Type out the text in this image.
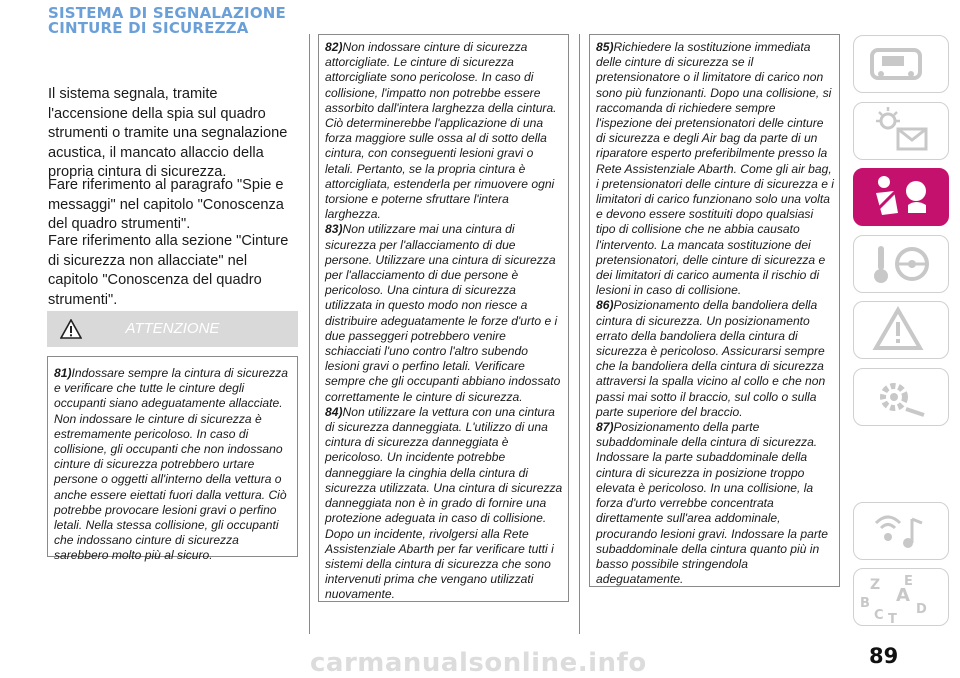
SISTEMA DI SEGNALAZIONE CINTURE DI SICUREZZA
Il sistema segnala, tramite l'accensione della spia sul quadro strumenti o tramite una segnalazione acustica, il mancato allaccio della propria cintura di sicurezza.
Fare riferimento al paragrafo "Spie e messaggi" nel capitolo "Conoscenza del quadro strumenti".
Fare riferimento alla sezione "Cinture di sicurezza non allacciate" nel capitolo "Conoscenza del quadro strumenti".
ATTENZIONE
81)Indossare sempre la cintura di sicurezza e verificare che tutte le cinture degli occupanti siano adeguatamente allacciate. Non indossare le cinture di sicurezza è estremamente pericoloso. In caso di collisione, gli occupanti che non indossano cinture di sicurezza potrebbero urtare persone o oggetti all'interno della vettura o anche essere eiettati fuori dalla vettura. Ciò potrebbe provocare lesioni gravi o perfino letali. Nella stessa collisione, gli occupanti che indossano cinture di sicurezza sarebbero molto più al sicuro.
82)Non indossare cinture di sicurezza attorcigliate. Le cinture di sicurezza attorcigliate sono pericolose. In caso di collisione, l'impatto non potrebbe essere assorbito dall'intera larghezza della cintura. Ciò determinerebbe l'applicazione di una forza maggiore sulle ossa al di sotto della cintura, con conseguenti lesioni gravi o letali. Pertanto, se la propria cintura è attorcigliata, estenderla per rimuovere ogni torsione e poterne sfruttare l'intera larghezza.
83)Non utilizzare mai una cintura di sicurezza per l'allacciamento di due persone. Utilizzare una cintura di sicurezza per l'allacciamento di due persone è pericoloso. Una cintura di sicurezza utilizzata in questo modo non riesce a distribuire adeguatamente le forze d'urto e i due passeggeri potrebbero venire schiacciati l'uno contro l'altro subendo lesioni gravi o perfino letali. Verificare sempre che gli occupanti abbiano indossato correttamente le cinture di sicurezza.
84)Non utilizzare la vettura con una cintura di sicurezza danneggiata. L'utilizzo di una cintura di sicurezza danneggiata è pericoloso. Un incidente potrebbe danneggiare la cinghia della cintura di sicurezza utilizzata. Una cintura di sicurezza danneggiata non è in grado di fornire una protezione adeguata in caso di collisione. Dopo un incidente, rivolgersi alla Rete Assistenziale Abarth per far verificare tutti i sistemi della cintura di sicurezza che sono intervenuti prima che vengano utilizzati nuovamente.
85)Richiedere la sostituzione immediata delle cinture di sicurezza se il pretensionatore o il limitatore di carico non sono più funzionanti. Dopo una collisione, si raccomanda di richiedere sempre l'ispezione dei pretensionatori delle cinture di sicurezza e degli Air bag da parte di un riparatore esperto preferibilmente presso la Rete Assistenziale Abarth. Come gli air bag, i pretensionatori delle cinture di sicurezza e i limitatori di carico funzionano solo una volta e devono essere sostituiti dopo qualsiasi tipo di collisione che ne abbia causato l'intervento. La mancata sostituzione dei pretensionatori, delle cinture di sicurezza e dei limitatori di carico aumenta il rischio di lesioni in caso di collisione.
86)Posizionamento della bandoliera della cintura di sicurezza. Un posizionamento errato della bandoliera della cintura di sicurezza è pericoloso. Assicurarsi sempre che la bandoliera della cintura di sicurezza attraversi la spalla vicino al collo e che non passi mai sotto il braccio, sul collo o sulla parte superiore del braccio.
87)Posizionamento della parte subaddominale della cintura di sicurezza. Indossare la parte subaddominale della cintura di sicurezza in posizione troppo elevata è pericoloso. In una collisione, la forza d'urto verrebbe concentrata direttamente sull'area addominale, procurando lesioni gravi. Indossare la parte subaddominale della cintura quanto più in basso possibile stringendola adeguatamente.	Z E
A
B
C D
T
89
carmanualsonline.info
